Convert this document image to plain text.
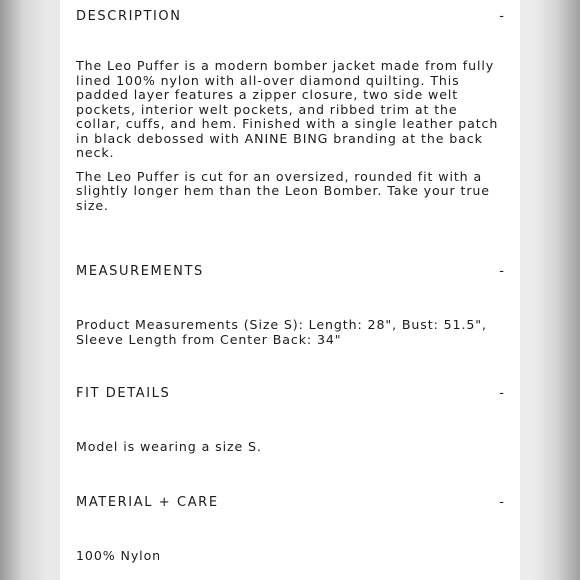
DESCRIPTION	-

The Leo Puffer is a modern bomber jacket made from fully lined 100% nylon with all-over diamond quilting. This padded layer features a zipper closure, two side welt pockets, interior welt pockets, and ribbed trim at the collar, cuffs, and hem. Finished with a single leather patch in black debossed with ANINE BING branding at the back neck.

The Leo Puffer is cut for an oversized, rounded fit with a slightly longer hem than the Leon Bomber. Take your true size.

MEASUREMENTS	-

Product Measurements (Size S): Length: 28", Bust: 51.5", Sleeve Length from Center Back: 34"

FIT DETAILS	-

Model is wearing a size S.

MATERIAL + CARE	-

100% Nylon
